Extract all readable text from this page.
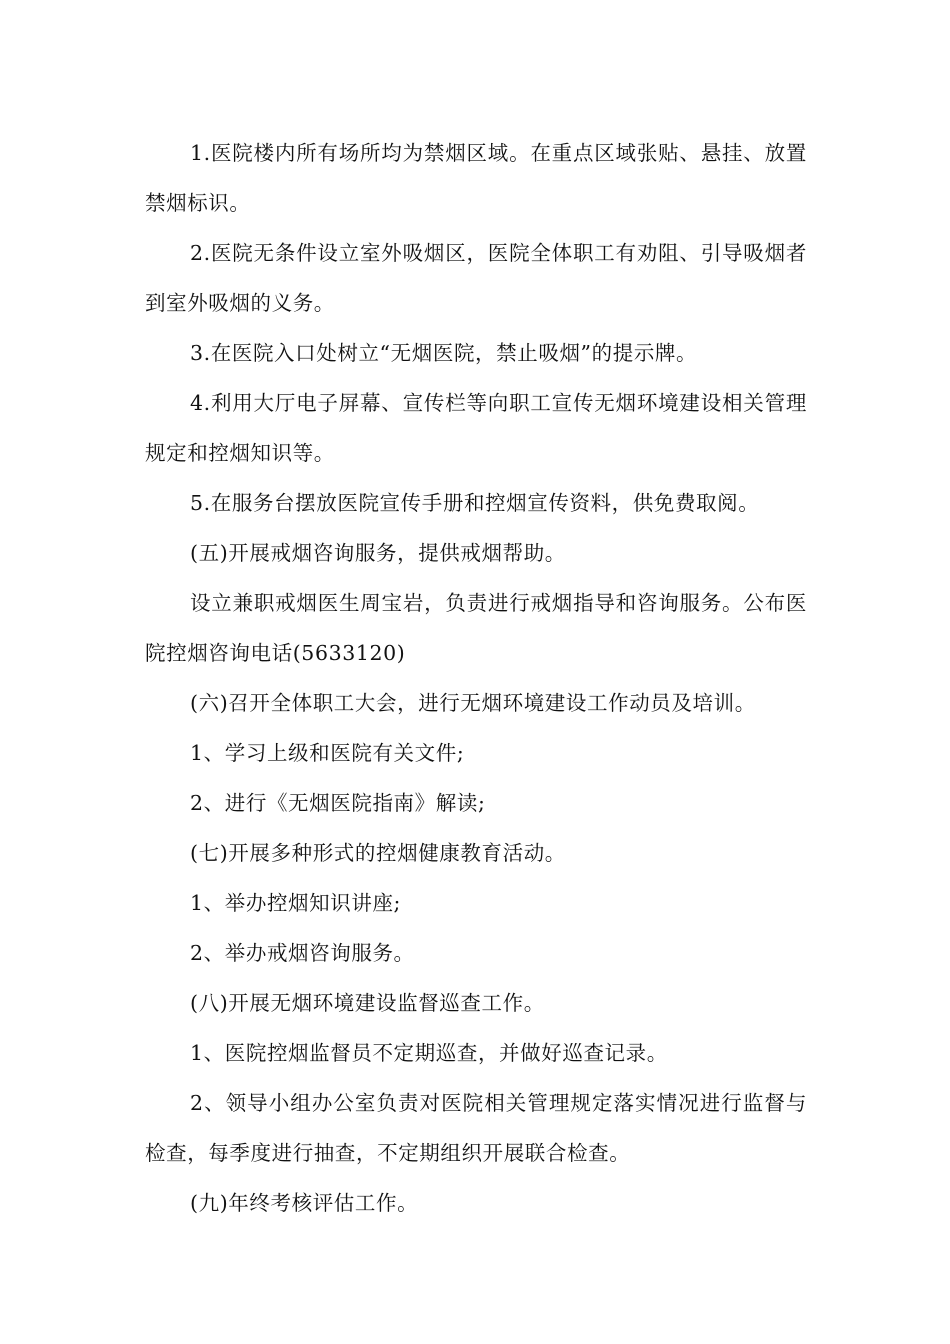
1.医院楼内所有场所均为禁烟区域。在重点区域张贴、悬挂、放置禁烟标识。

2.医院无条件设立室外吸烟区，医院全体职工有劝阻、引导吸烟者到室外吸烟的义务。

3.在医院入口处树立“无烟医院，禁止吸烟”的提示牌。

4.利用大厅电子屏幕、宣传栏等向职工宣传无烟环境建设相关管理规定和控烟知识等。

5.在服务台摆放医院宣传手册和控烟宣传资料，供免费取阅。

(五)开展戒烟咨询服务，提供戒烟帮助。

设立兼职戒烟医生周宝岩，负责进行戒烟指导和咨询服务。公布医院控烟咨询电话(5633120)

(六)召开全体职工大会，进行无烟环境建设工作动员及培训。

1、学习上级和医院有关文件;

2、进行《无烟医院指南》解读;

(七)开展多种形式的控烟健康教育活动。

1、举办控烟知识讲座;

2、举办戒烟咨询服务。

(八)开展无烟环境建设监督巡查工作。

1、医院控烟监督员不定期巡查，并做好巡查记录。

2、领导小组办公室负责对医院相关管理规定落实情况进行监督与检查，每季度进行抽查，不定期组织开展联合检查。

(九)年终考核评估工作。
